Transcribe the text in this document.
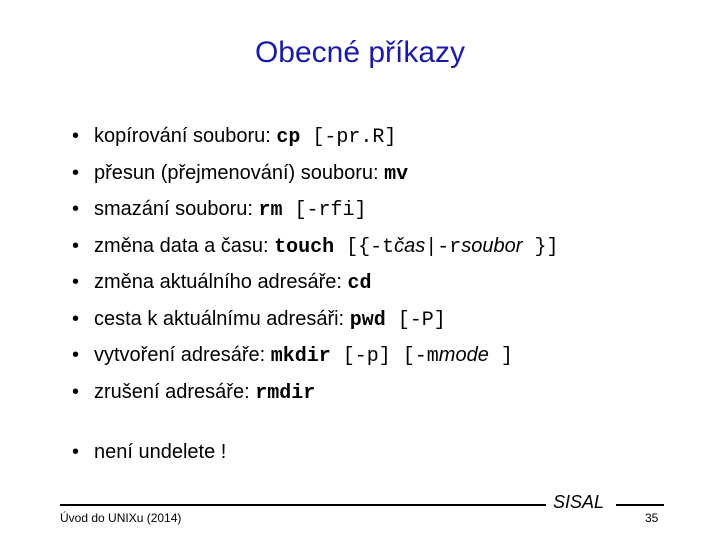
Obecné příkazy
• kopírování souboru: cp [-pr.R]
• přesun (přejmenování) souboru: mv
• smazání souboru: rm [-rfi]
• změna data a času: touch [{-tčas|-rsoubor }]
• změna aktuálního adresáře: cd
• cesta k aktuálnímu adresáři: pwd [-P]
• vytvoření adresáře: mkdir [-p] [-mmode ]
• zrušení adresáře: rmdir
• není undelete !
SISAL
Úvod do UNIXu (2014)	35
